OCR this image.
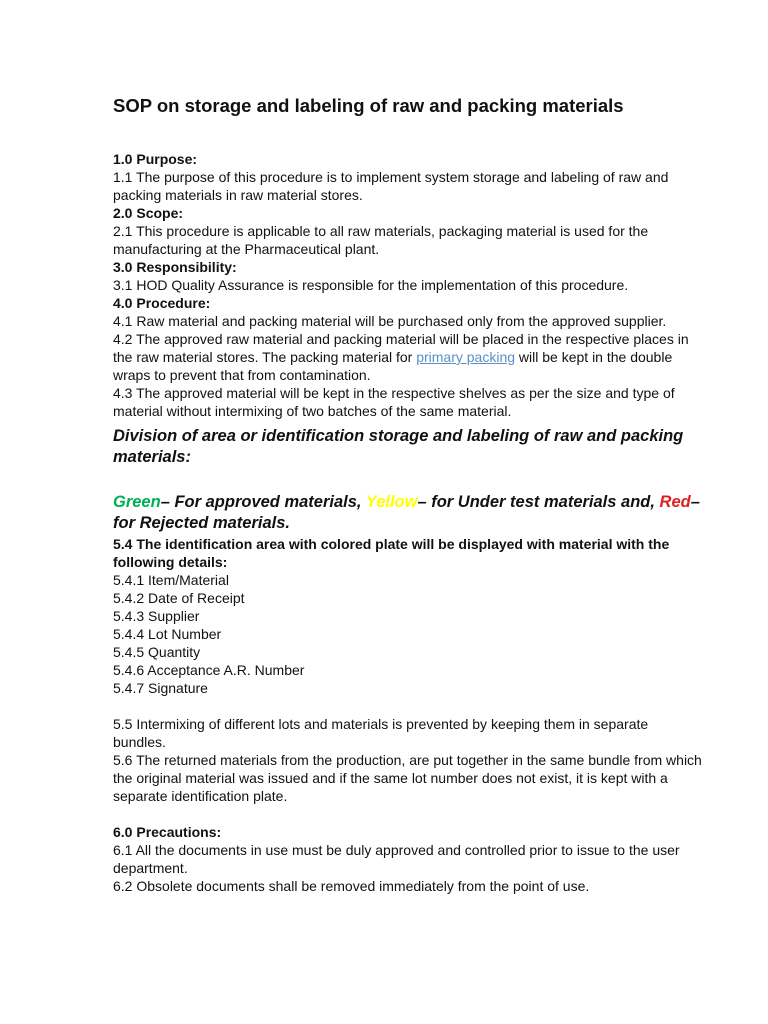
SOP on storage and labeling of raw and packing materials

1.0 Purpose:

1.1 The purpose of this procedure is to implement system storage and labeling of raw and packing materials in raw material stores.

2.0 Scope:

2.1 This procedure is applicable to all raw materials, packaging material is used for the manufacturing at the Pharmaceutical plant.

3.0 Responsibility:

3.1 HOD Quality Assurance is responsible for the implementation of this procedure.

4.0 Procedure:

4.1 Raw material and packing material will be purchased only from the approved supplier.

4.2 The approved raw material and packing material will be placed in the respective places in the raw material stores. The packing material for primary packing will be kept in the double wraps to prevent that from contamination.

4.3 The approved material will be kept in the respective shelves as per the size and type of material without intermixing of two batches of the same material.

Division of area or identification storage and labeling of raw and packing materials:

Green– For approved materials, Yellow– for Under test materials and, Red– for Rejected materials.

5.4 The identification area with colored plate will be displayed with material with the following details:

5.4.1 Item/Material

5.4.2 Date of Receipt

5.4.3 Supplier

5.4.4 Lot Number

5.4.5 Quantity

5.4.6 Acceptance A.R. Number

5.4.7 Signature

5.5 Intermixing of different lots and materials is prevented by keeping them in separate bundles.

5.6 The returned materials from the production, are put together in the same bundle from which the original material was issued and if the same lot number does not exist, it is kept with a separate identification plate.

6.0 Precautions:

6.1 All the documents in use must be duly approved and controlled prior to issue to the user department.

6.2 Obsolete documents shall be removed immediately from the point of use.
